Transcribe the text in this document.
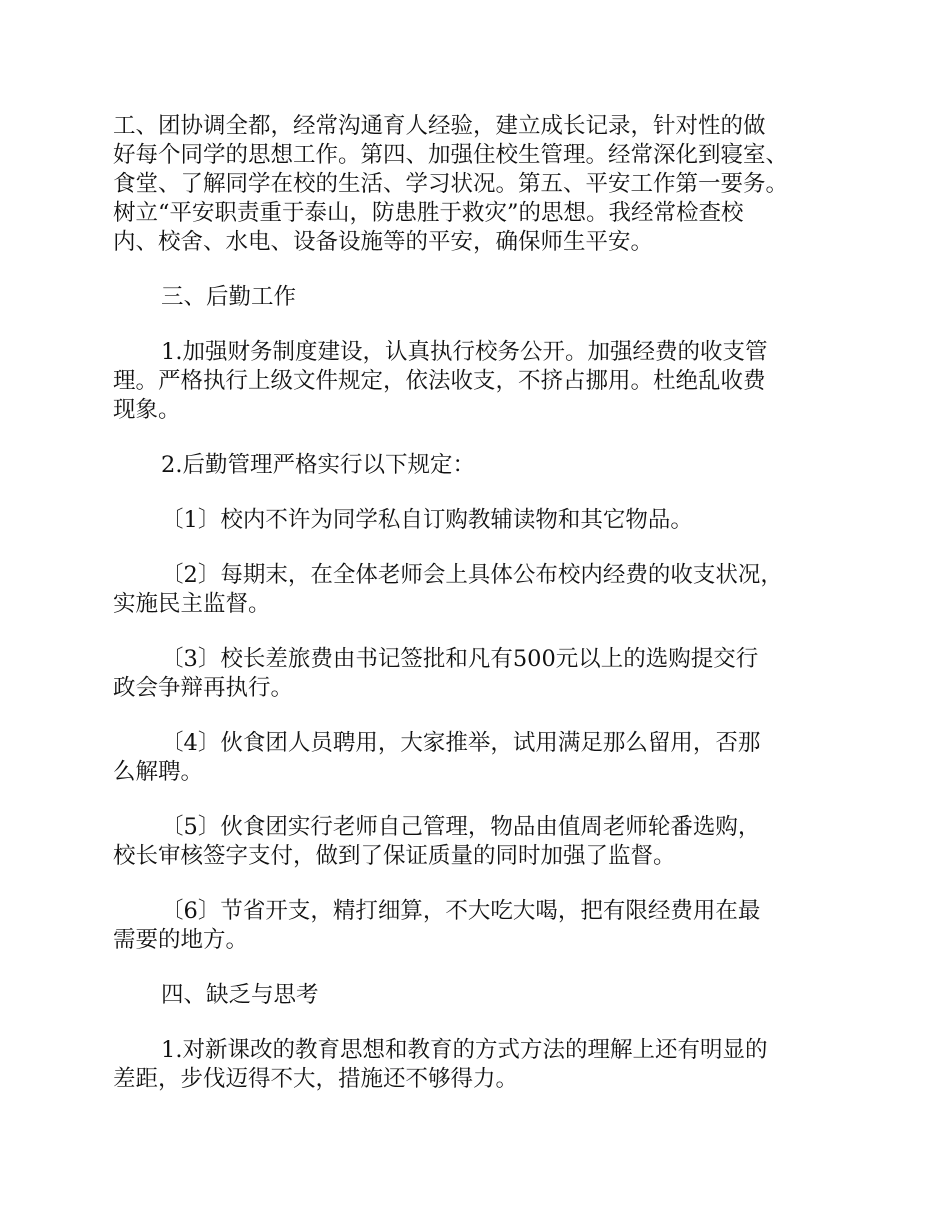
工、团协调全都，经常沟通育人经验，建立成长记录，针对性的做
好每个同学的思想工作。第四、加强住校生管理。经常深化到寝室、
食堂、了解同学在校的生活、学习状况。第五、平安工作第一要务。
树立“平安职责重于泰山，防患胜于救灾”的思想。我经常检查校
内、校舍、水电、设备设施等的平安，确保师生平安。
三、后勤工作
1.加强财务制度建设，认真执行校务公开。加强经费的收支管
理。严格执行上级文件规定，依法收支，不挤占挪用。杜绝乱收费
现象。
2.后勤管理严格实行以下规定：
〔1〕校内不许为同学私自订购教辅读物和其它物品。
〔2〕每期末，在全体老师会上具体公布校内经费的收支状况，
实施民主监督。
〔3〕校长差旅费由书记签批和凡有500元以上的选购提交行
政会争辩再执行。
〔4〕伙食团人员聘用，大家推举，试用满足那么留用，否那
么解聘。
〔5〕伙食团实行老师自己管理，物品由值周老师轮番选购，
校长审核签字支付，做到了保证质量的同时加强了监督。
〔6〕节省开支，精打细算，不大吃大喝，把有限经费用在最
需要的地方。
四、缺乏与思考
1.对新课改的教育思想和教育的方式方法的理解上还有明显的
差距，步伐迈得不大，措施还不够得力。
